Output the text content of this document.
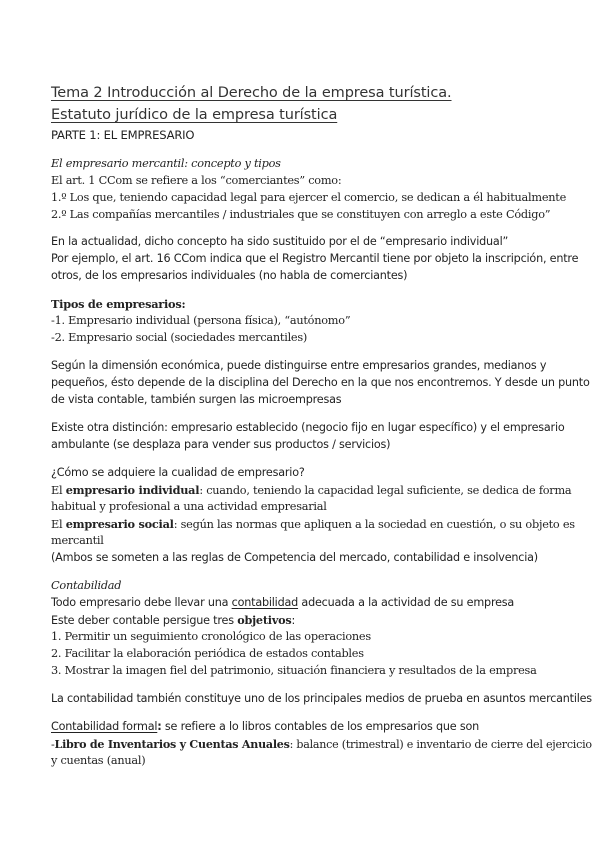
Tema 2 Introducción al Derecho de la empresa turística.
Estatuto jurídico de la empresa turística
PARTE 1: EL EMPRESARIO
El empresario mercantil: concepto y tipos
El art. 1 CCom se refiere a los “comerciantes” como:
1.º Los que, teniendo capacidad legal para ejercer el comercio, se dedican a él habitualmente
2.º Las compañías mercantiles / industriales que se constituyen con arreglo a este Código”
En la actualidad, dicho concepto ha sido sustituido por el de “empresario individual”
Por ejemplo, el art. 16 CCom indica que el Registro Mercantil tiene por objeto la inscripción, entre
otros, de los empresarios individuales (no habla de comerciantes)
Tipos de empresarios:
-1. Empresario individual (persona física), “autónomo”
-2. Empresario social (sociedades mercantiles)
Según la dimensión económica, puede distinguirse entre empresarios grandes, medianos y
pequeños, ésto depende de la disciplina del Derecho en la que nos encontremos. Y desde un punto
de vista contable, también surgen las microempresas
Existe otra distinción: empresario establecido (negocio fijo en lugar específico) y el empresario
ambulante (se desplaza para vender sus productos / servicios)
¿Cómo se adquiere la cualidad de empresario?
El empresario individual: cuando, teniendo la capacidad legal suficiente, se dedica de forma
habitual y profesional a una actividad empresarial
El empresario social: según las normas que apliquen a la sociedad en cuestión, o su objeto es
mercantil
(Ambos se someten a las reglas de Competencia del mercado, contabilidad e insolvencia)
Contabilidad
Todo empresario debe llevar una contabilidad adecuada a la actividad de su empresa
Este deber contable persigue tres objetivos:
1. Permitir un seguimiento cronológico de las operaciones
2. Facilitar la elaboración periódica de estados contables
3. Mostrar la imagen fiel del patrimonio, situación financiera y resultados de la empresa
La contabilidad también constituye uno de los principales medios de prueba en asuntos mercantiles
Contabilidad formal: se refiere a lo libros contables de los empresarios que son
-Libro de Inventarios y Cuentas Anuales: balance (trimestral) e inventario de cierre del ejercicio
y cuentas (anual)
